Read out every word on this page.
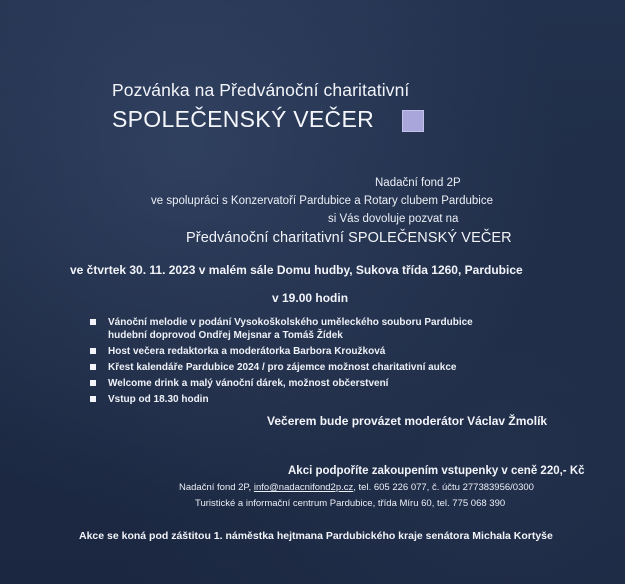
Pozvánka na Předvánoční charitativní
SPOLEČENSKÝ VEČER
Nadační fond 2P
ve spolupráci s Konzervatoří Pardubice a Rotary clubem Pardubice
si Vás dovoluje pozvat na
Předvánoční charitativní SPOLEČENSKÝ VEČER
ve čtvrtek 30. 11. 2023 v malém sále Domu hudby, Sukova třída 1260, Pardubice
v 19.00 hodin
Vánoční melodie v podání Vysokoškolského uměleckého souboru Pardubice
hudební doprovod Ondřej Mejsnar a Tomáš Žídek
Host večera redaktorka a moderátorka Barbora Kroužková
Křest kalendáře Pardubice 2024 / pro zájemce možnost charitativní aukce
Welcome drink a malý vánoční dárek, možnost občerstvení
Vstup od 18.30 hodin
Večerem bude provázet moderátor Václav Žmolík
Akci podpoříte zakoupením vstupenky v ceně 220,- Kč
Nadační fond 2P, info@nadacnifond2p.cz, tel. 605 226 077, č. účtu 277383956/0300
Turistické a informační centrum Pardubice, třída Míru 60, tel. 775 068 390
Akce se koná pod záštitou 1. náměstka hejtmana Pardubického kraje senátora Michala Kortyše
